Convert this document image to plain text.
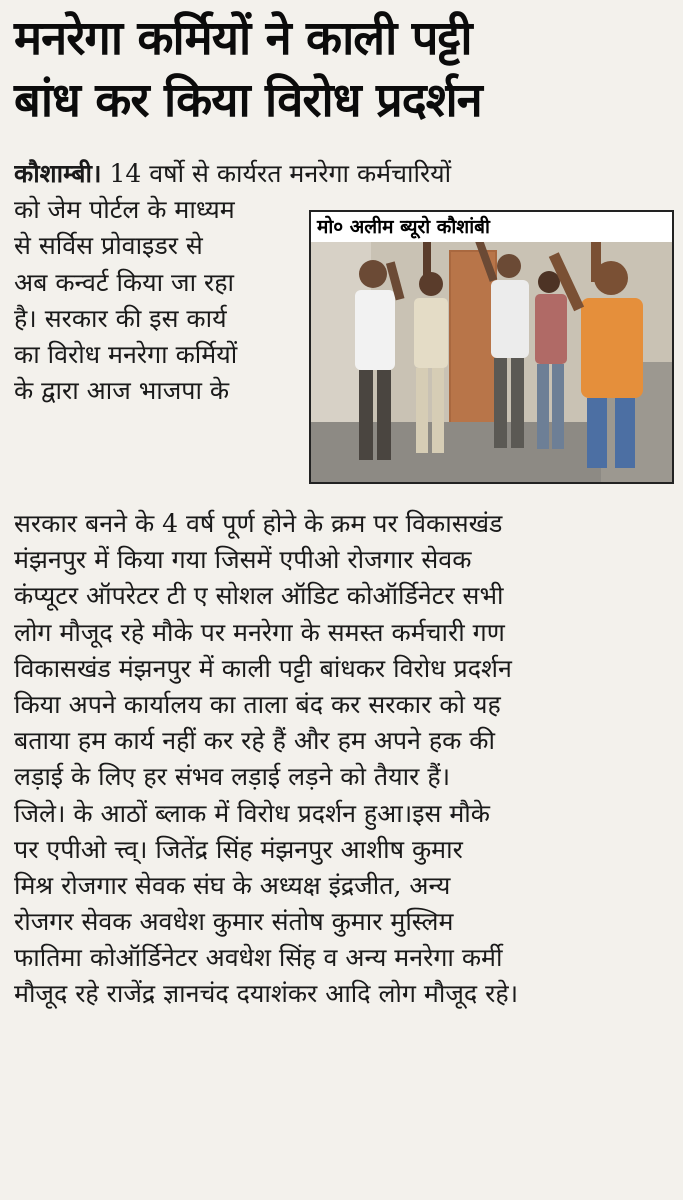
मनरेगा कर्मियों ने काली पट्टी
बांध कर किया विरोध प्रदर्शन
कौशाम्बी। 14 वर्षो से कार्यरत मनरेगा कर्मचारियों
को जेम पोर्टल के माध्यम
से सर्विस प्रोवाइडर से
अब कन्वर्ट किया जा रहा
है। सरकार की इस कार्य
का विरोध मनरेगा कर्मियों
के द्वारा आज भाजपा के
मो० अलीम ब्यूरो कौशांबी
सरकार बनने के 4 वर्ष पूर्ण होने के क्रम पर विकासखंड
मंझनपुर में किया गया जिसमें एपीओ रोजगार सेवक
कंप्यूटर ऑपरेटर टी ए सोशल ऑडिट कोऑर्डिनेटर सभी
लोग मौजूद रहे मौके पर मनरेगा के समस्त कर्मचारी गण
विकासखंड मंझनपुर में काली पट्टी बांधकर विरोध प्रदर्शन
किया अपने कार्यालय का ताला बंद कर सरकार को यह
बताया हम कार्य नहीं कर रहे हैं और हम अपने हक की
लड़ाई के लिए हर संभव लड़ाई लड़ने को तैयार हैं।
जिले। के आठों ब्लाक में विरोध प्रदर्शन हुआ।इस मौके
पर एपीओ त्त्व्। जितेंद्र सिंह मंझनपुर आशीष कुमार
मिश्र रोजगार सेवक संघ के अध्यक्ष इंद्रजीत, अन्य
रोजगर सेवक अवधेश कुमार संतोष कुमार मुस्लिम
फातिमा कोऑर्डिनेटर अवधेश सिंह व अन्य मनरेगा कर्मी
मौजूद रहे राजेंद्र ज्ञानचंद दयाशंकर आदि लोग मौजूद रहे।
